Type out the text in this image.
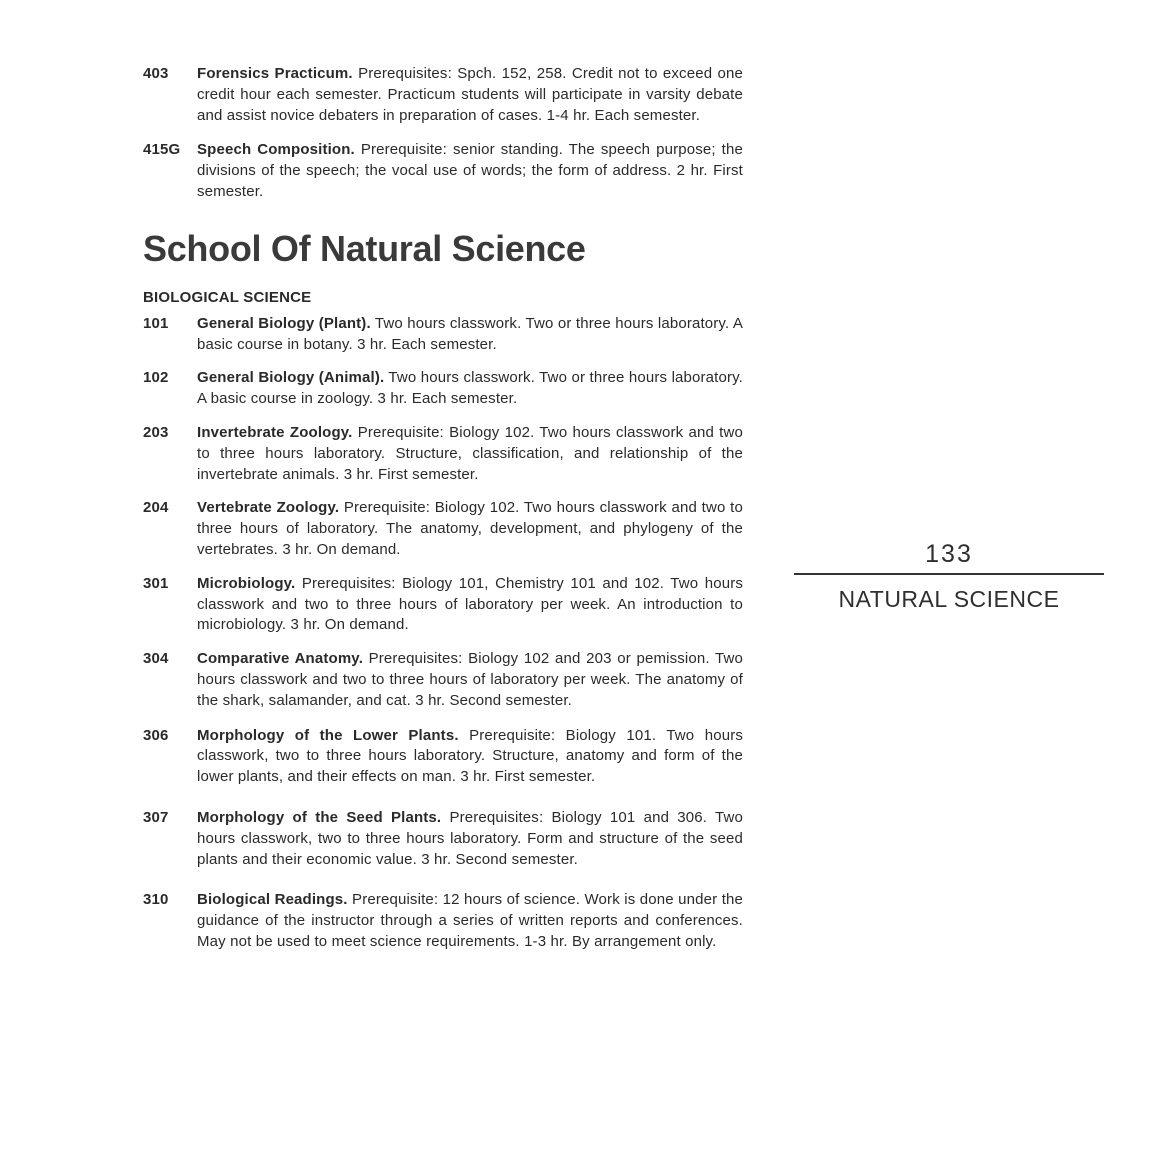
403 Forensics Practicum. Prerequisites: Spch. 152, 258. Credit not to exceed one credit hour each semester. Practicum students will participate in varsity debate and assist novice debaters in preparation of cases. 1-4 hr. Each semester.
415G Speech Composition. Prerequisite: senior standing. The speech purpose; the divisions of the speech; the vocal use of words; the form of address. 2 hr. First semester.
School Of Natural Science
BIOLOGICAL SCIENCE
101 General Biology (Plant). Two hours classwork. Two or three hours laboratory. A basic course in botany. 3 hr. Each semester.
102 General Biology (Animal). Two hours classwork. Two or three hours laboratory. A basic course in zoology. 3 hr. Each semester.
203 Invertebrate Zoology. Prerequisite: Biology 102. Two hours classwork and two to three hours laboratory. Structure, classification, and relationship of the invertebrate animals. 3 hr. First semester.
204 Vertebrate Zoology. Prerequisite: Biology 102. Two hours classwork and two to three hours of laboratory. The anatomy, development, and phylogeny of the vertebrates. 3 hr. On demand.
301 Microbiology. Prerequisites: Biology 101, Chemistry 101 and 102. Two hours classwork and two to three hours of laboratory per week. An introduction to microbiology. 3 hr. On demand.
304 Comparative Anatomy. Prerequisites: Biology 102 and 203 or pemission. Two hours classwork and two to three hours of laboratory per week. The anatomy of the shark, salamander, and cat. 3 hr. Second semester.
306 Morphology of the Lower Plants. Prerequisite: Biology 101. Two hours classwork, two to three hours laboratory. Structure, anatomy and form of the lower plants, and their effects on man. 3 hr. First semester.
307 Morphology of the Seed Plants. Prerequisites: Biology 101 and 306. Two hours classwork, two to three hours laboratory. Form and structure of the seed plants and their economic value. 3 hr. Second semester.
310 Biological Readings. Prerequisite: 12 hours of science. Work is done under the guidance of the instructor through a series of written reports and conferences. May not be used to meet science requirements. 1-3 hr. By arrangement only.
133
NATURAL SCIENCE
